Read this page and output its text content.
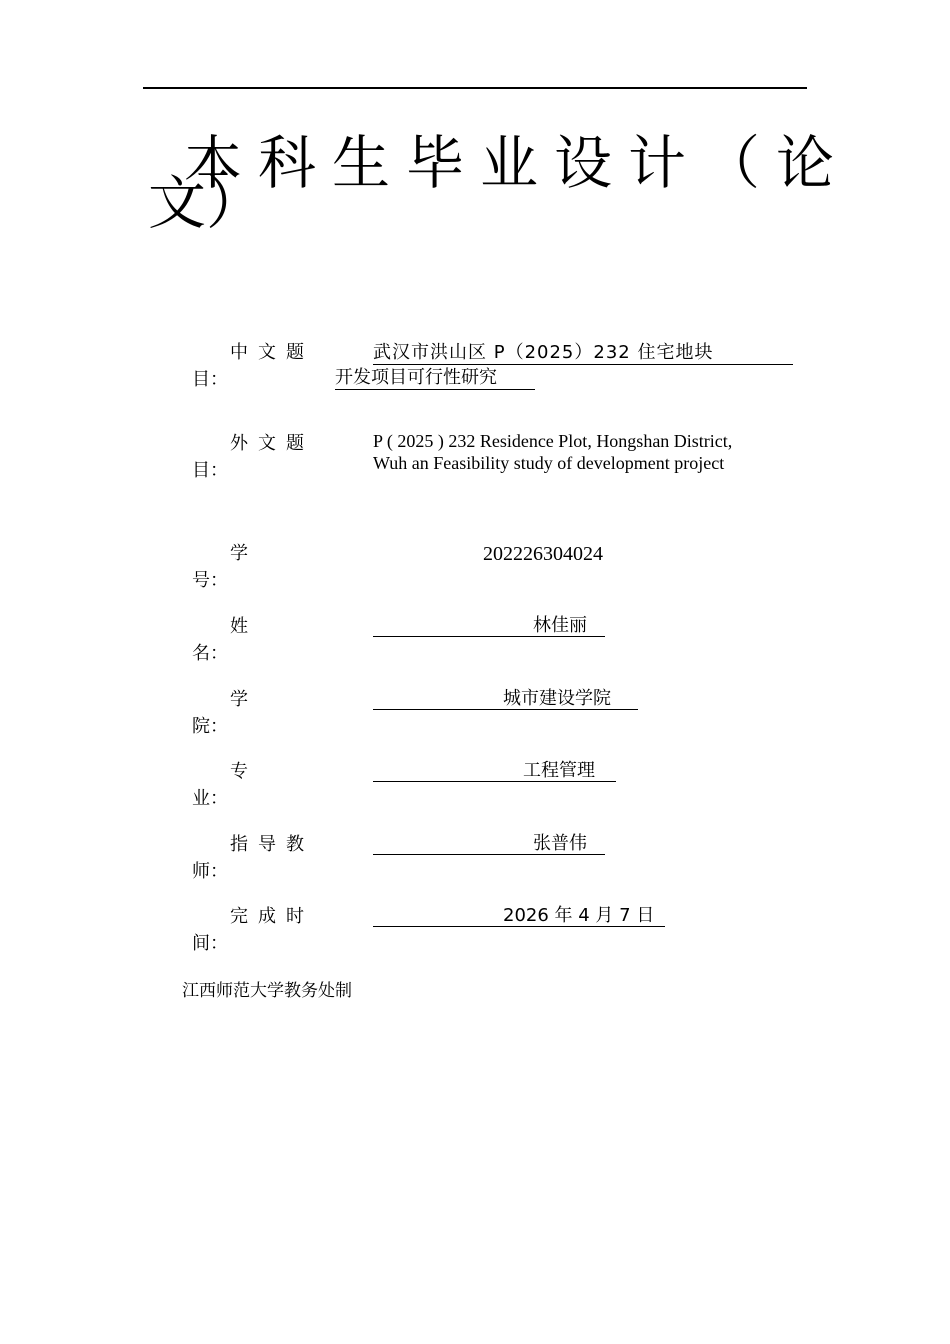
本科生毕业设计（论
文）
中文题
目：
武汉市洪山区 P（2025）232 住宅地块
开发项目可行性研究
外文题
目：

P ( 2025 ) 232 Residence Plot, Hongshan District,

Wuh an Feasibility study of development project

学
号：
202226304024
姓
名：
林佳丽
学
院：
城市建设学院
专
业：
工程管理
指导教
师：
张普伟
完成时
间：
2026 年 4 月 7 日
江西师范大学教务处制
